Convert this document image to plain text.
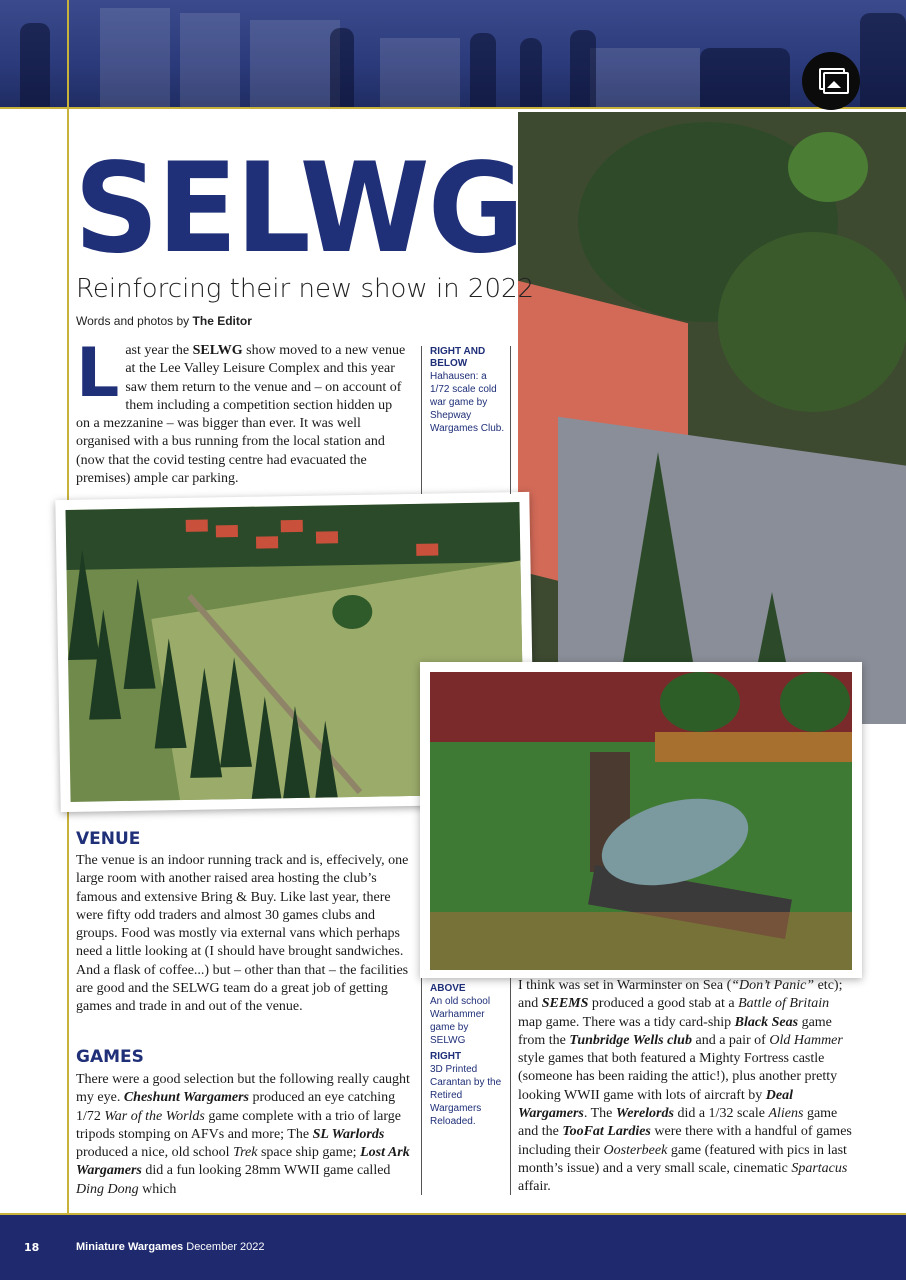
SELWG
Reinforcing their new show in 2022
Words and photos by The Editor
Last year the SELWG show moved to a new venue at the Lee Valley Leisure Complex and this year saw them return to the venue and – on account of them including a competition section hidden up on a mezzanine – was bigger than ever. It was well organised with a bus running from the local station and (now that the covid testing centre had evacuated the premises) ample car parking.
RIGHT AND BELOW
Hahausen: a 1/72 scale cold war game by Shepway Wargames Club.
VENUE
The venue is an indoor running track and is, effecively, one large room with another raised area hosting the club’s famous and extensive Bring & Buy. Like last year, there were fifty odd traders and almost 30 games clubs and groups. Food was mostly via external vans which perhaps need a little looking at (I should have brought sandwiches. And a flask of coffee...) but – other than that – the facilities are good and the SELWG team do a great job of getting games and trade in and out of the venue.
GAMES
There were a good selection but the following really caught my eye. Cheshunt Wargamers produced an eye catching 1/72 War of the Worlds game complete with a trio of large tripods stomping on AFVs and more; The SL Warlords produced a nice, old school Trek space ship game; Lost Ark Wargamers did a fun looking 28mm WWII game called Ding Dong which
ABOVE
An old school Warhammer game by SELWG
RIGHT
3D Printed Carantan by the Retired Wargamers Reloaded.
I think was set in Warminster on Sea (“Don’t Panic” etc); and SEEMS produced a good stab at a Battle of Britain map game. There was a tidy card-ship Black Seas game from the Tunbridge Wells club and a pair of Old Hammer style games that both featured a Mighty Fortress castle (someone has been raiding the attic!), plus another pretty looking WWII game with lots of aircraft by Deal Wargamers. The Werelords did a 1/32 scale Aliens game and the TooFat Lardies were there with a handful of games including their Oosterbeek game (featured with pics in last month’s issue) and a very small scale, cinematic Spartacus affair.
18	Miniature Wargames December 2022
